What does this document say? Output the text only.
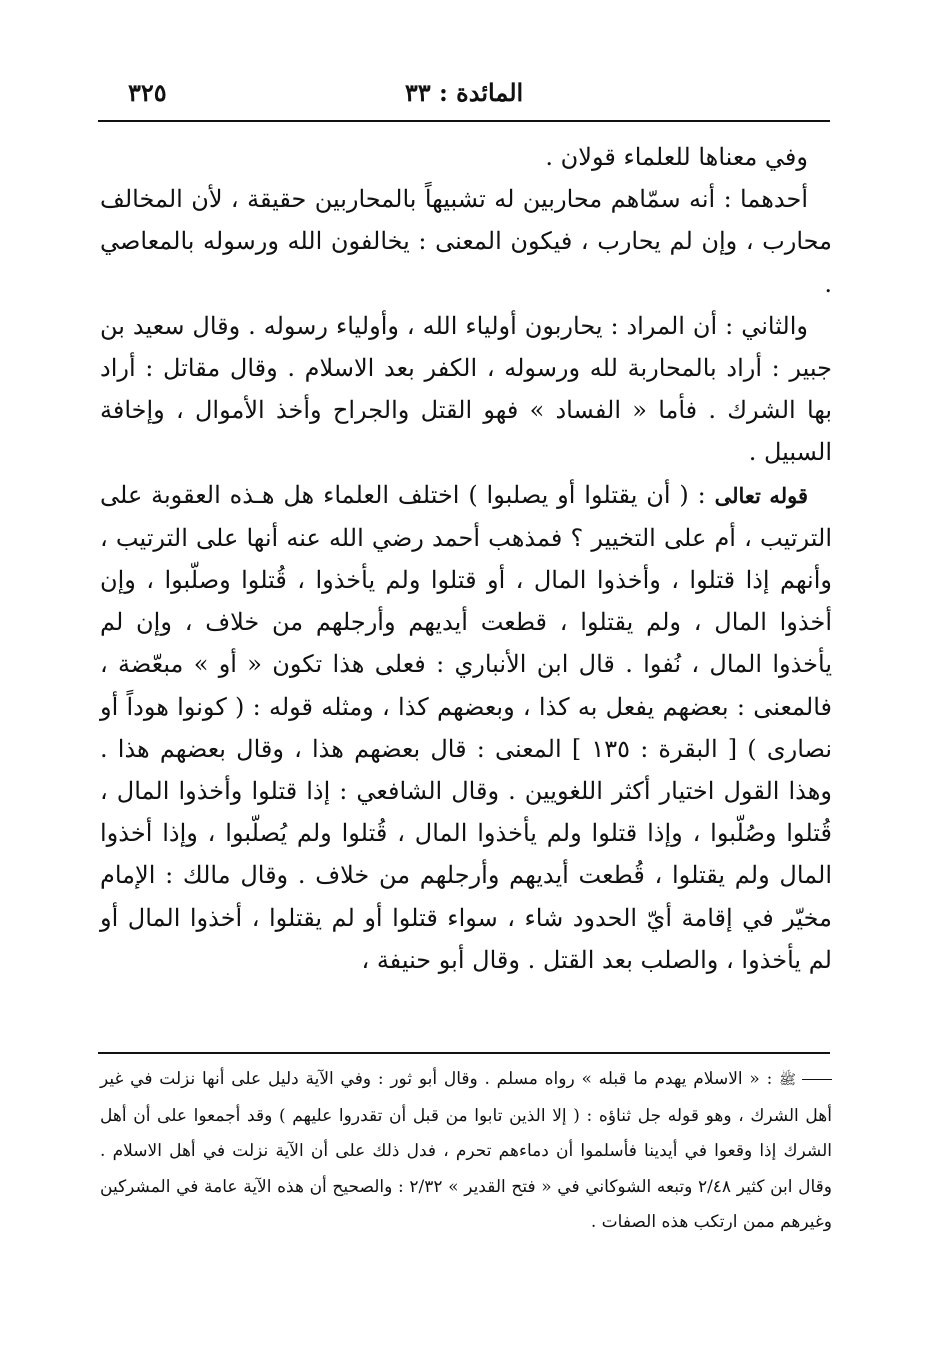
المائدة : ٣٣
٣٢٥

وفي معناها للعلماء قولان .

أحدهما : أنه سمّاهم محاربين له تشبيهاً بالمحاربين حقيقة ، لأن المخالف محارب ، وإن لم يحارب ، فيكون المعنى : يخالفون الله ورسوله بالمعاصي .

والثاني : أن المراد : يحاربون أولياء الله ، وأولياء رسوله . وقال سعيد بن جبير : أراد بالمحاربة لله ورسوله ، الكفر بعد الاسلام . وقال مقاتل : أراد بها الشرك . فأما « الفساد » فهو القتل والجراح وأخذ الأموال ، وإخافة السبيل .

قوله تعالى : ( أن يقتلوا أو يصلبوا ) اختلف العلماء هل هـذه العقوبة على الترتيب ، أم على التخيير ؟ فمذهب أحمد رضي الله عنه أنها على الترتيب ، وأنهم إذا قتلوا ، وأخذوا المال ، أو قتلوا ولم يأخذوا ، قُتلوا وصلّبوا ، وإن أخذوا المال ، ولم يقتلوا ، قطعت أيديهم وأرجلهم من خلاف ، وإن لم يأخذوا المال ، نُفوا . قال ابن الأنباري : فعلى هذا تكون « أو » مبعّضة ، فالمعنى : بعضهم يفعل به كذا ، وبعضهم كذا ، ومثله قوله : ( كونوا هوداً أو نصارى ) [ البقرة : ١٣٥ ] المعنى : قال بعضهم هذا ، وقال بعضهم هذا . وهذا القول اختيار أكثر اللغويين . وقال الشافعي : إذا قتلوا وأخذوا المال ، قُتلوا وصُلّبوا ، وإذا قتلوا ولم يأخذوا المال ، قُتلوا ولم يُصلّبوا ، وإذا أخذوا المال ولم يقتلوا ، قُطعت أيديهم وأرجلهم من خلاف . وقال مالك : الإمام مخيّر في إقامة أيّ الحدود شاء ، سواء قتلوا أو لم يقتلوا ، أخذوا المال أو لم يأخذوا ، والصلب بعد القتل . وقال أبو حنيفة ،

ﷺ : « الاسلام يهدم ما قبله » رواه مسلم . وقال أبو ثور : وفي الآية دليل على أنها نزلت في غير أهل الشرك ، وهو قوله جل ثناؤه : ( إلا الذين تابوا من قبل أن تقدروا عليهم ) وقد أجمعوا على أن أهل الشرك إذا وقعوا في أيدينا فأسلموا أن دماءهم تحرم ، فدل ذلك على أن الآية نزلت في أهل الاسلام . وقال ابن كثير ٢/٤٨ وتبعه الشوكاني في « فتح القدير » ٢/٣٢ : والصحيح أن هذه الآية عامة في المشركين وغيرهم ممن ارتكب هذه الصفات .
